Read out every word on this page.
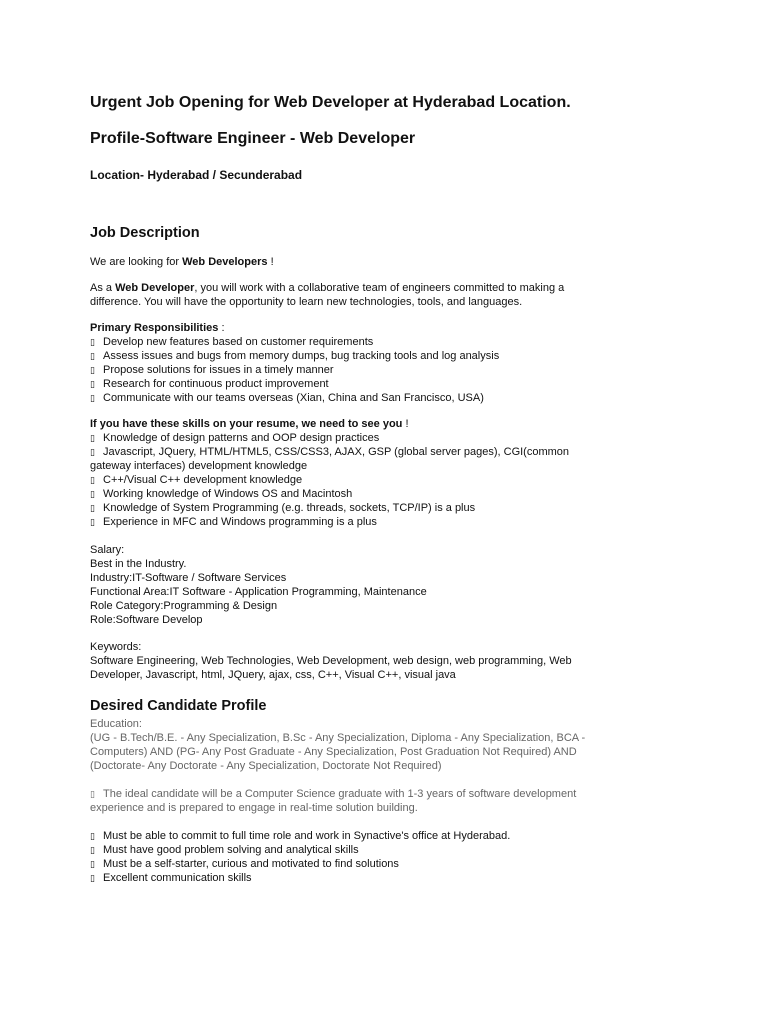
Urgent Job Opening for Web Developer at Hyderabad Location.
Profile-Software Engineer - Web Developer
Location- Hyderabad / Secunderabad
Job Description

We are looking for Web Developers !

As a Web Developer, you will work with a collaborative team of engineers committed to making a
difference. You will have the opportunity to learn new technologies, tools, and languages.

Primary Responsibilities :

▯ Develop new features based on customer requirements
▯ Assess issues and bugs from memory dumps, bug tracking tools and log analysis
▯ Propose solutions for issues in a timely manner
▯ Research for continuous product improvement
▯ Communicate with our teams overseas (Xian, China and San Francisco, USA)

If you have these skills on your resume, we need to see you !

▯ Knowledge of design patterns and OOP design practices
▯ Javascript, JQuery, HTML/HTML5, CSS/CSS3, AJAX, GSP (global server pages), CGI(common
gateway interfaces) development knowledge
▯ C++/Visual C++ development knowledge
▯ Working knowledge of Windows OS and Macintosh
▯ Knowledge of System Programming (e.g. threads, sockets, TCP/IP) is a plus
▯ Experience in MFC and Windows programming is a plus
Salary:
Best in the Industry.
Industry:IT-Software / Software Services
Functional Area:IT Software - Application Programming, Maintenance
Role Category:Programming & Design
Role:Software Develop
Keywords:
Software Engineering, Web Technologies, Web Development, web design, web programming, Web
Developer, Javascript, html, JQuery, ajax, css, C++, Visual C++, visual java
Desired Candidate Profile
Education:
(UG - B.Tech/B.E. - Any Specialization, B.Sc - Any Specialization, Diploma - Any Specialization, BCA -
Computers) AND (PG- Any Post Graduate - Any Specialization, Post Graduation Not Required) AND
(Doctorate- Any Doctorate - Any Specialization, Doctorate Not Required)
▯ The ideal candidate will be a Computer Science graduate with 1-3 years of software development
experience and is prepared to engage in real-time solution building.
▯ Must be able to commit to full time role and work in Synactive's office at Hyderabad.
▯ Must have good problem solving and analytical skills
▯ Must be a self-starter, curious and motivated to find solutions
▯ Excellent communication skills
